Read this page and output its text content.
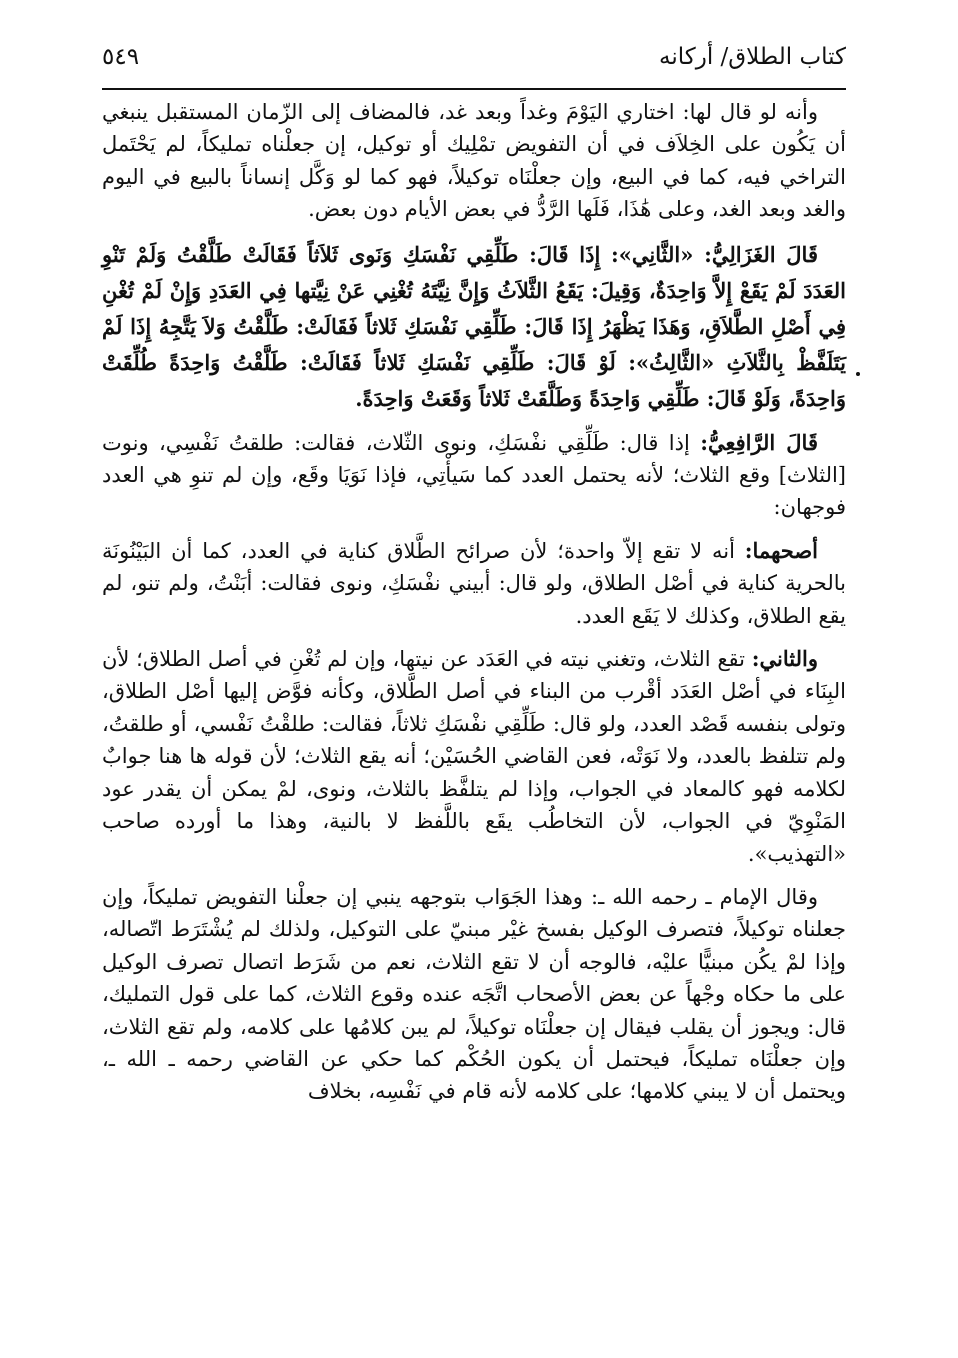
كتاب الطلاق/ أركانه
٥٤٩

وأنه لو قال لها: اختاري اليَوْمَ وغداً وبعد غد، فالمضاف إلى الزّمان المستقبل ينبغي أن يَكُون على الخِلاَف في أن التفويض تمْلِيك أو توكيل، إن جعلْناه تمليكاً، لم يَحْتَمل التراخي فيه، كما في البيع، وإن جعلْنَاه توكيلاً، فهو كما لو وَكَّل إنساناً بالبيع في اليوم والغد وبعد الغد، وعلى هَٰذَا، فَلَها الرَّدُّ في بعض الأيام دون بعض.

قَالَ الغَزَالِيُّ: «الثَّانِي»: إِذَا قَالَ: طَلِّقِي نَفْسَكِ وَنَوى ثَلاَثاً فَقَالَتْ طَلَّقْتُ وَلَمْ تَنْوِ العَدَدَ لَمْ يَقَعْ إِلاَّ وَاحِدَةٌ، وَقِيلَ: يَقَعُ الثَّلاَثُ وَإِنَّ نِيَّتَهُ تُغْنِي عَنْ نِيَّتها فِي العَدَدِ وَإِنْ لَمْ تُغْنِ فِي أَصْلِ الطَّلاَقِ، وَهَذَا يَظْهَرُ إِذَا قَالَ: طَلِّقِي نَفْسَكِ ثَلاثاً فَقَالَتْ: طَلَّقْتُ وَلاَ يَتَّجِهُ إِذَا لَمْ يَتَلَفَّظْ بِالثَّلاَثِ «الثَّالِثُ»: لَوْ قَالَ: طَلِّقِي نَفْسَكِ ثَلاثاً فَقَالَتْ: طَلَّقْتُ وَاحِدَةً طُلِّقَتْ وَاحِدَةً، وَلَوْ قَالَ: طَلِّقِي وَاحِدَةً وَطَلَّقَتْ ثَلاثاً وَقَعَتْ وَاحِدَةً.

قَالَ الرَّافِعِيُّ: إذا قال: طَلِّقِي نفْسَكِ، ونوى الثّلاث، فقالت: طلقتُ نَفْسِي، ونوت [الثلاث] وقع الثلاث؛ لأنه يحتمل العدد كما سَيأْتِي، فإذا نَوَيَا وقَع، وإن لم تنوِ هي العدد فوجهان:

أصحهما: أنه لا تقع إلاّ واحدة؛ لأن صرائح الطَّلاق كناية في العدد، كما أن البَيْنُونَة بالحرية كناية في أصْل الطلاق، ولو قال: أبيني نفْسَكِ، ونوى فقالت: أبَنْتُ، ولم تنو، لم يقع الطلاق، وكذلك لا يَقَع العدد.

والثاني: تقع الثلاث، وتغني نيته في العَدَد عن نيتها، وإن لم تُغْنِ في أصل الطلاق؛ لأن البِنَاء في أصْل العَدَد أقْرب من البناء في أصل الطَّلاق، وكأنه فوَّض إليها أصْل الطلاق، وتولى بنفسه قَصْد العدد، ولو قال: طَلِّقِي نفْسَكِ ثلاثاً، فقالت: طلقْتُ نَفْسي، أو طلقتُ، ولم تتلفظ بالعدد، ولا نَوَتْه، فعن القاضي الحُسَيْن؛ أنه يقع الثلاث؛ لأن قوله ها هنا جوابٌ لكلامه فهو كالمعاد في الجواب، وإذا لم يتلفَّظ بالثلاث، ونوى، لمْ يمكن أن يقدر عود المَنْوِيّ في الجواب، لأن التخاطُب يقَع باللَّفظ لا بالنية، وهذا ما أورده صاحب «التهذيب».

وقال الإمام ـ رحمه الله ـ: وهذا الجَوَاب بتوجهه ينبي إن جعلْنا التفويض تمليكاً، وإن جعلناه توكيلاً، فتصرف الوكيل بفسخ غيْر مبنيّ على التوكيل، ولذلك لم يُشْتَرَط اتّصاله، وإذا لمْ يكُن مبنيًّا عليْه، فالوجه أن لا تقع الثلاث، نعم من شَرَط اتصال تصرف الوكيل على ما حكاه وجْهاً عن بعض الأصحاب اتَّجَه عنده وقوع الثلاث، كما على قول التمليك، قال: ويجوز أن يقلب فيقال إن جعلْنَاه توكيلاً، لم يبن كلامُها على كلامه، ولم تقع الثلاث، وإن جعلْنَاه تمليكاً، فيحتمل أن يكون الحُكْم كما حكي عن القاضي رحمه ـ الله ـ، ويحتمل أن لا يبني كلامها؛ على كلامه لأنه قام في نَفْسِه، بخلاف
